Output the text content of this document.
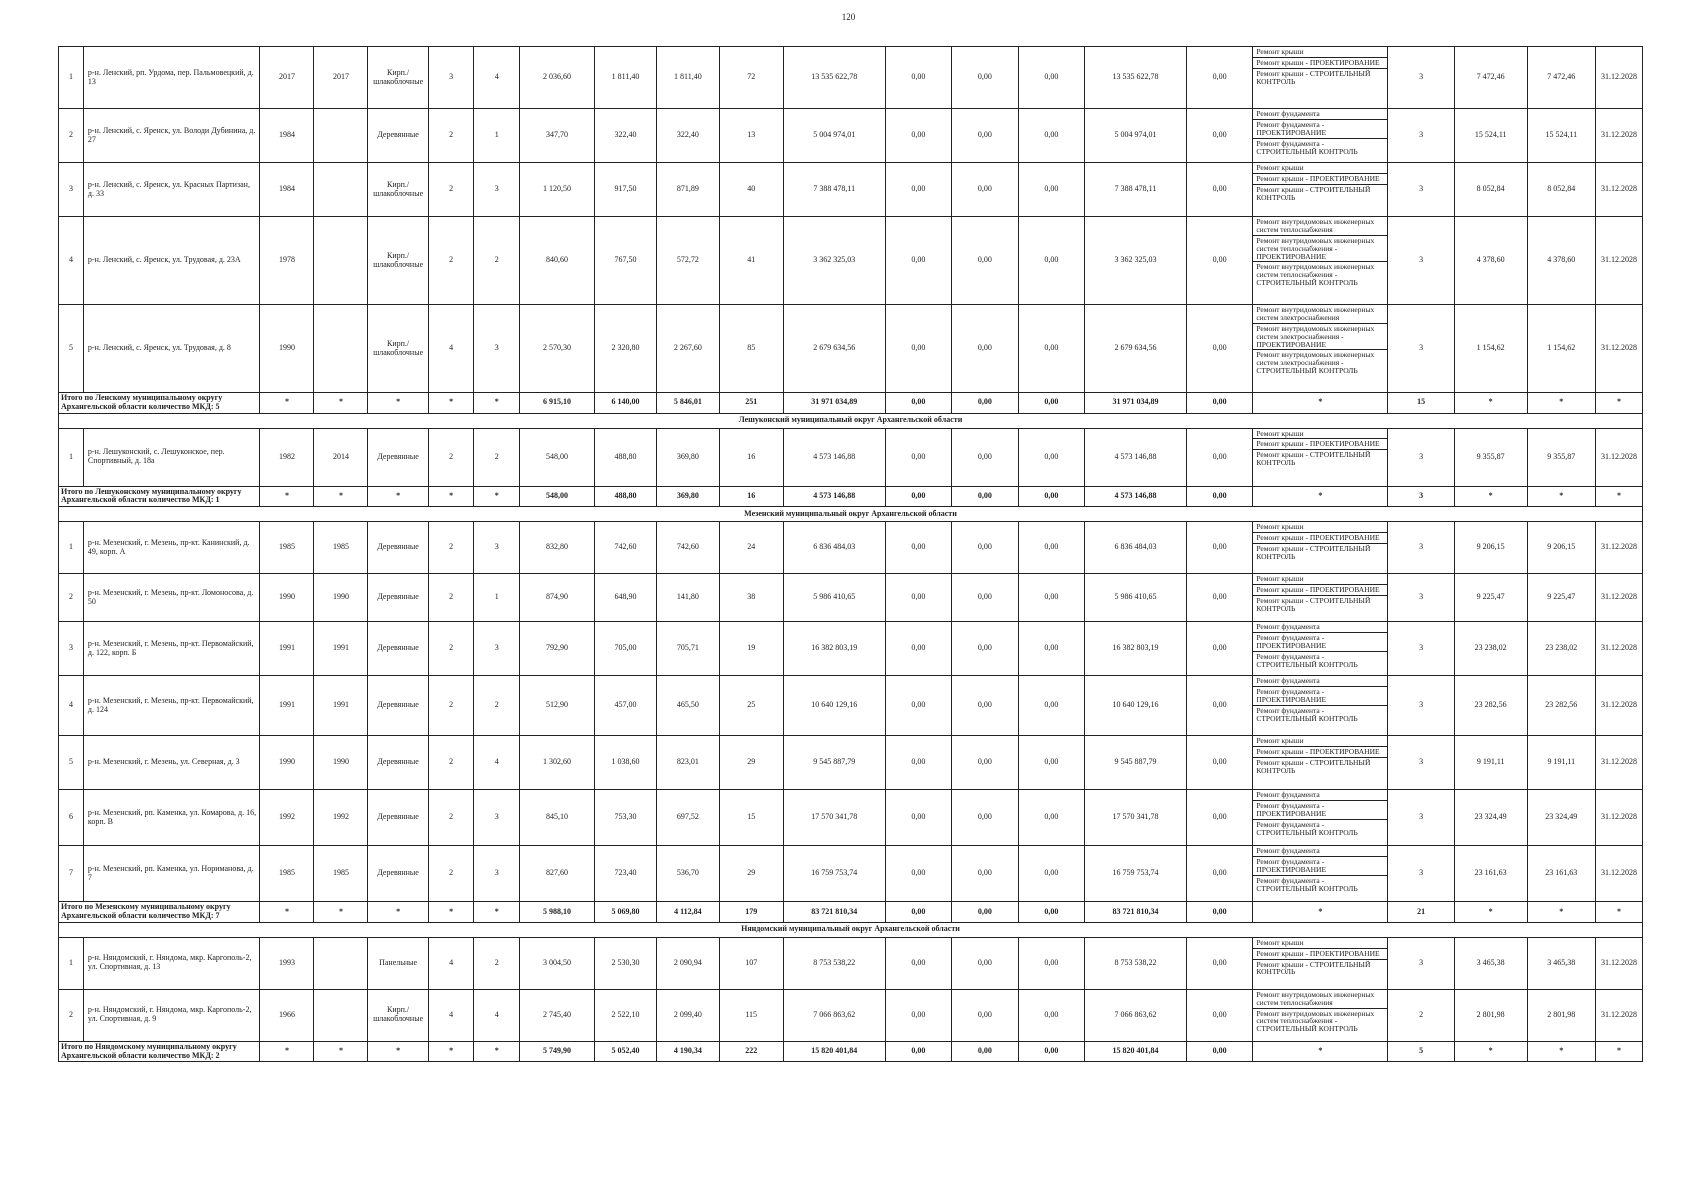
120
1	р-н. Ленский, рп. Урдома, пер. Пальмовецкий, д. 13	2017	2017	Кирп./ шлакоблочные	3	4	2 036,60	1 811,40	1 811,40	72	13 535 622,78	0,00	0,00	0,00	13 535 622,78	0,00	Ремонт крыши
Ремонт крыши - ПРОЕКТИРОВАНИЕ
Ремонт крыши - СТРОИТЕЛЬНЫЙ КОНТРОЛЬ	3	7 472,46	7 472,46	31.12.2028
2	р-н. Ленский, с. Яренск, ул. Володи Дубинина, д. 27	1984		Деревянные	2	1	347,70	322,40	322,40	13	5 004 974,01	0,00	0,00	0,00	5 004 974,01	0,00	Ремонт фундамента
Ремонт фундамента - ПРОЕКТИРОВАНИЕ
Ремонт фундамента - СТРОИТЕЛЬНЫЙ КОНТРОЛЬ	3	15 524,11	15 524,11	31.12.2028
3	р-н. Ленский, с. Яренск, ул. Красных Партизан, д. 33	1984		Кирп./ шлакоблочные	2	3	1 120,50	917,50	871,89	40	7 388 478,11	0,00	0,00	0,00	7 388 478,11	0,00	Ремонт крыши
Ремонт крыши - ПРОЕКТИРОВАНИЕ
Ремонт крыши - СТРОИТЕЛЬНЫЙ КОНТРОЛЬ	3	8 052,84	8 052,84	31.12.2028
4	р-н. Ленский, с. Яренск, ул. Трудовая, д. 23А	1978		Кирп./ шлакоблочные	2	2	840,60	767,50	572,72	41	3 362 325,03	0,00	0,00	0,00	3 362 325,03	0,00	Ремонт внутридомовых инженерных систем теплоснабжения
Ремонт внутридомовых инженерных систем теплоснабжения - ПРОЕКТИРОВАНИЕ
Ремонт внутридомовых инженерных систем теплоснабжения - СТРОИТЕЛЬНЫЙ КОНТРОЛЬ	3	4 378,60	4 378,60	31.12.2028
5	р-н. Ленский, с. Яренск, ул. Трудовая, д. 8	1990		Кирп./ шлакоблочные	4	3	2 570,30	2 320,80	2 267,60	85	2 679 634,56	0,00	0,00	0,00	2 679 634,56	0,00	Ремонт внутридомовых инженерных систем электроснабжения
Ремонт внутридомовых инженерных систем электроснабжения - ПРОЕКТИРОВАНИЕ
Ремонт внутридомовых инженерных систем электроснабжения - СТРОИТЕЛЬНЫЙ КОНТРОЛЬ	3	1 154,62	1 154,62	31.12.2028
Итого по Ленскому муниципальному округу Архангельской области количество МКД: 5		*	*	*	*	*	6 915,10	6 140,00	5 846,01	251	31 971 034,89	0,00	0,00	0,00	31 971 034,89	0,00	*	15	*	*	*
Лешуконский муниципальный округ Архангельской области																					
1	р-н. Лешуконский, с. Лешуконское, пер. Спортивный, д. 18а	1982	2014	Деревянные	2	2	548,00	488,80	369,80	16	4 573 146,88	0,00	0,00	0,00	4 573 146,88	0,00	Ремонт крыши
Ремонт крыши - ПРОЕКТИРОВАНИЕ
Ремонт крыши - СТРОИТЕЛЬНЫЙ КОНТРОЛЬ	3	9 355,87	9 355,87	31.12.2028
Итого по Лешуконскому муниципальному округу Архангельской области количество МКД: 1		*	*	*	*	*	548,00	488,80	369,80	16	4 573 146,88	0,00	0,00	0,00	4 573 146,88	0,00	*	3	*	*	*
Мезенский муниципальный округ Архангельской области																					
1	р-н. Мезенский, г. Мезень, пр-кт. Канинский, д. 49, корп. А	1985	1985	Деревянные	2	3	832,80	742,60	742,60	24	6 836 484,03	0,00	0,00	0,00	6 836 484,03	0,00	Ремонт крыши
Ремонт крыши - ПРОЕКТИРОВАНИЕ
Ремонт крыши - СТРОИТЕЛЬНЫЙ КОНТРОЛЬ	3	9 206,15	9 206,15	31.12.2028
2	р-н. Мезенский, г. Мезень, пр-кт. Ломоносова, д. 50	1990	1990	Деревянные	2	1	874,90	648,90	141,80	38	5 986 410,65	0,00	0,00	0,00	5 986 410,65	0,00	Ремонт крыши
Ремонт крыши - ПРОЕКТИРОВАНИЕ
Ремонт крыши - СТРОИТЕЛЬНЫЙ КОНТРОЛЬ	3	9 225,47	9 225,47	31.12.2028
3	р-н. Мезенский, г. Мезень, пр-кт. Первомайский, д. 122, корп. Б	1991	1991	Деревянные	2	3	792,90	705,00	705,71	19	16 382 803,19	0,00	0,00	0,00	16 382 803,19	0,00	Ремонт фундамента
Ремонт фундамента - ПРОЕКТИРОВАНИЕ
Ремонт фундамента - СТРОИТЕЛЬНЫЙ КОНТРОЛЬ	3	23 238,02	23 238,02	31.12.2028
4	р-н. Мезенский, г. Мезень, пр-кт. Первомайский, д. 124	1991	1991	Деревянные	2	2	512,90	457,00	465,50	25	10 640 129,16	0,00	0,00	0,00	10 640 129,16	0,00	Ремонт фундамента
Ремонт фундамента - ПРОЕКТИРОВАНИЕ
Ремонт фундамента - СТРОИТЕЛЬНЫЙ КОНТРОЛЬ	3	23 282,56	23 282,56	31.12.2028
5	р-н. Мезенский, г. Мезень, ул. Северная, д. 3	1990	1990	Деревянные	2	4	1 302,60	1 038,60	823,01	29	9 545 887,79	0,00	0,00	0,00	9 545 887,79	0,00	Ремонт крыши
Ремонт крыши - ПРОЕКТИРОВАНИЕ
Ремонт крыши - СТРОИТЕЛЬНЫЙ КОНТРОЛЬ	3	9 191,11	9 191,11	31.12.2028
6	р-н. Мезенский, рп. Каменка, ул. Комарова, д. 16, корп. В	1992	1992	Деревянные	2	3	845,10	753,30	697,52	15	17 570 341,78	0,00	0,00	0,00	17 570 341,78	0,00	Ремонт фундамента
Ремонт фундамента - ПРОЕКТИРОВАНИЕ
Ремонт фундамента - СТРОИТЕЛЬНЫЙ КОНТРОЛЬ	3	23 324,49	23 324,49	31.12.2028
7	р-н. Мезенский, рп. Каменка, ул. Нориманова, д. 7	1985	1985	Деревянные	2	3	827,60	723,40	536,70	29	16 759 753,74	0,00	0,00	0,00	16 759 753,74	0,00	Ремонт фундамента
Ремонт фундамента - ПРОЕКТИРОВАНИЕ
Ремонт фундамента - СТРОИТЕЛЬНЫЙ КОНТРОЛЬ	3	23 161,63	23 161,63	31.12.2028
Итого по Мезенскому муниципальному округу Архангельской области количество МКД: 7		*	*	*	*	*	5 988,10	5 069,80	4 112,84	179	83 721 810,34	0,00	0,00	0,00	83 721 810,34	0,00	*	21	*	*	*
Няндомский муниципальный округ Архангельской области																					
1	р-н. Няндомский, г. Няндома, мкр. Каргополь-2, ул. Спортивная, д. 13	1993		Панельные	4	2	3 004,50	2 530,30	2 090,94	107	8 753 538,22	0,00	0,00	0,00	8 753 538,22	0,00	Ремонт крыши
Ремонт крыши - ПРОЕКТИРОВАНИЕ
Ремонт крыши - СТРОИТЕЛЬНЫЙ КОНТРОЛЬ	3	3 465,38	3 465,38	31.12.2028
2	р-н. Няндомский, г. Няндома, мкр. Каргополь-2, ул. Спортивная, д. 9	1966		Кирп./ шлакоблочные	4	4	2 745,40	2 522,10	2 099,40	115	7 066 863,62	0,00	0,00	0,00	7 066 863,62	0,00	Ремонт внутридомовых инженерных систем теплоснабжения
Ремонт внутридомовых инженерных систем теплоснабжения - СТРОИТЕЛЬНЫЙ КОНТРОЛЬ	2	2 801,98	2 801,98	31.12.2028
Итого по Няндомскому муниципальному округу Архангельской области количество МКД: 2		*	*	*	*	*	5 749,90	5 052,40	4 190,34	222	15 820 401,84	0,00	0,00	0,00	15 820 401,84	0,00	*	5	*	*	*
